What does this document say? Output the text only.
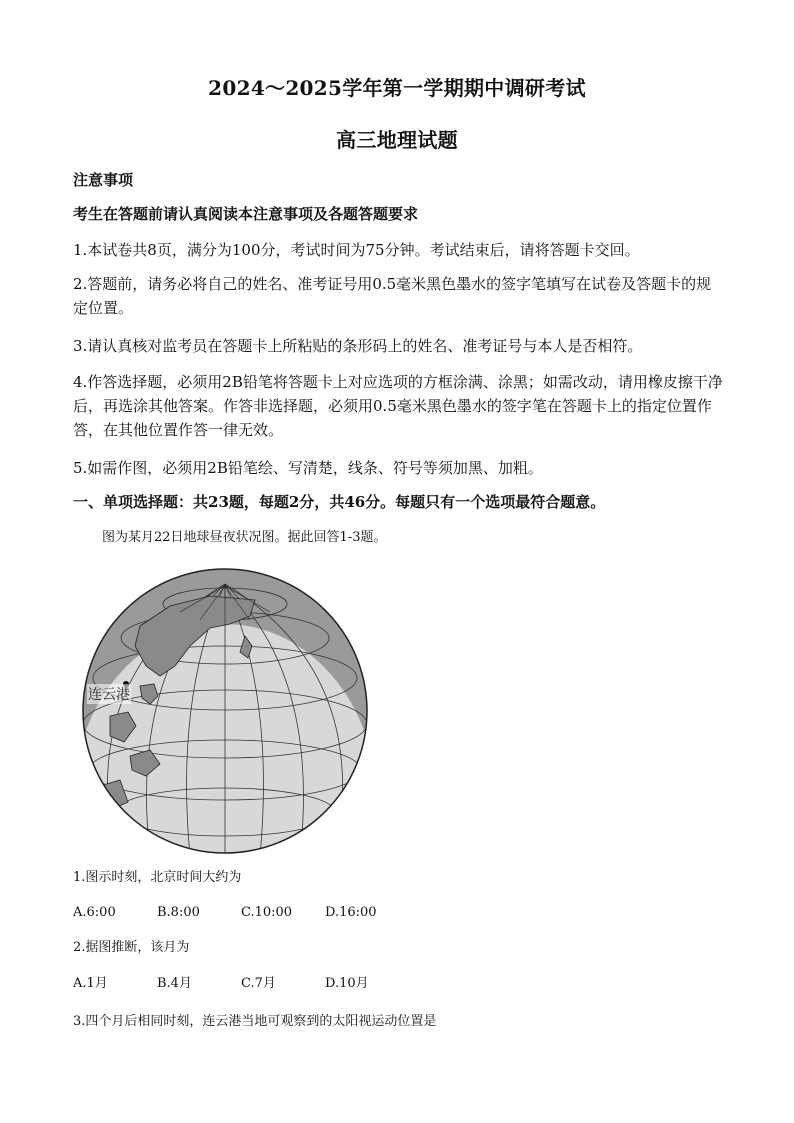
2024～2025学年第一学期期中调研考试
高三地理试题
注意事项
考生在答题前请认真阅读本注意事项及各题答题要求
1.本试卷共8页，满分为100分，考试时间为75分钟。考试结束后，请将答题卡交回。
2.答题前，请务必将自己的姓名、准考证号用0.5毫米黑色墨水的签字笔填写在试卷及答题卡的规定位置。
3.请认真核对监考员在答题卡上所粘贴的条形码上的姓名、准考证号与本人是否相符。
4.作答选择题，必须用2B铅笔将答题卡上对应选项的方框涂满、涂黑；如需改动，请用橡皮擦干净后，再选涂其他答案。作答非选择题，必须用0.5毫米黑色墨水的签字笔在答题卡上的指定位置作答，在其他位置作答一律无效。
5.如需作图，必须用2B铅笔绘、写清楚，线条、符号等须加黑、加粗。
一、单项选择题：共23题，每题2分，共46分。每题只有一个选项最符合题意。
图为某月22日地球昼夜状况图。据此回答1-3题。
连云港
1.图示时刻，北京时间大约为
A.6:00	B.8:00	C.10:00	D.16:00
2.据图推断，该月为
A.1月	B.4月	C.7月	D.10月
3.四个月后相同时刻，连云港当地可观察到的太阳视运动位置是
